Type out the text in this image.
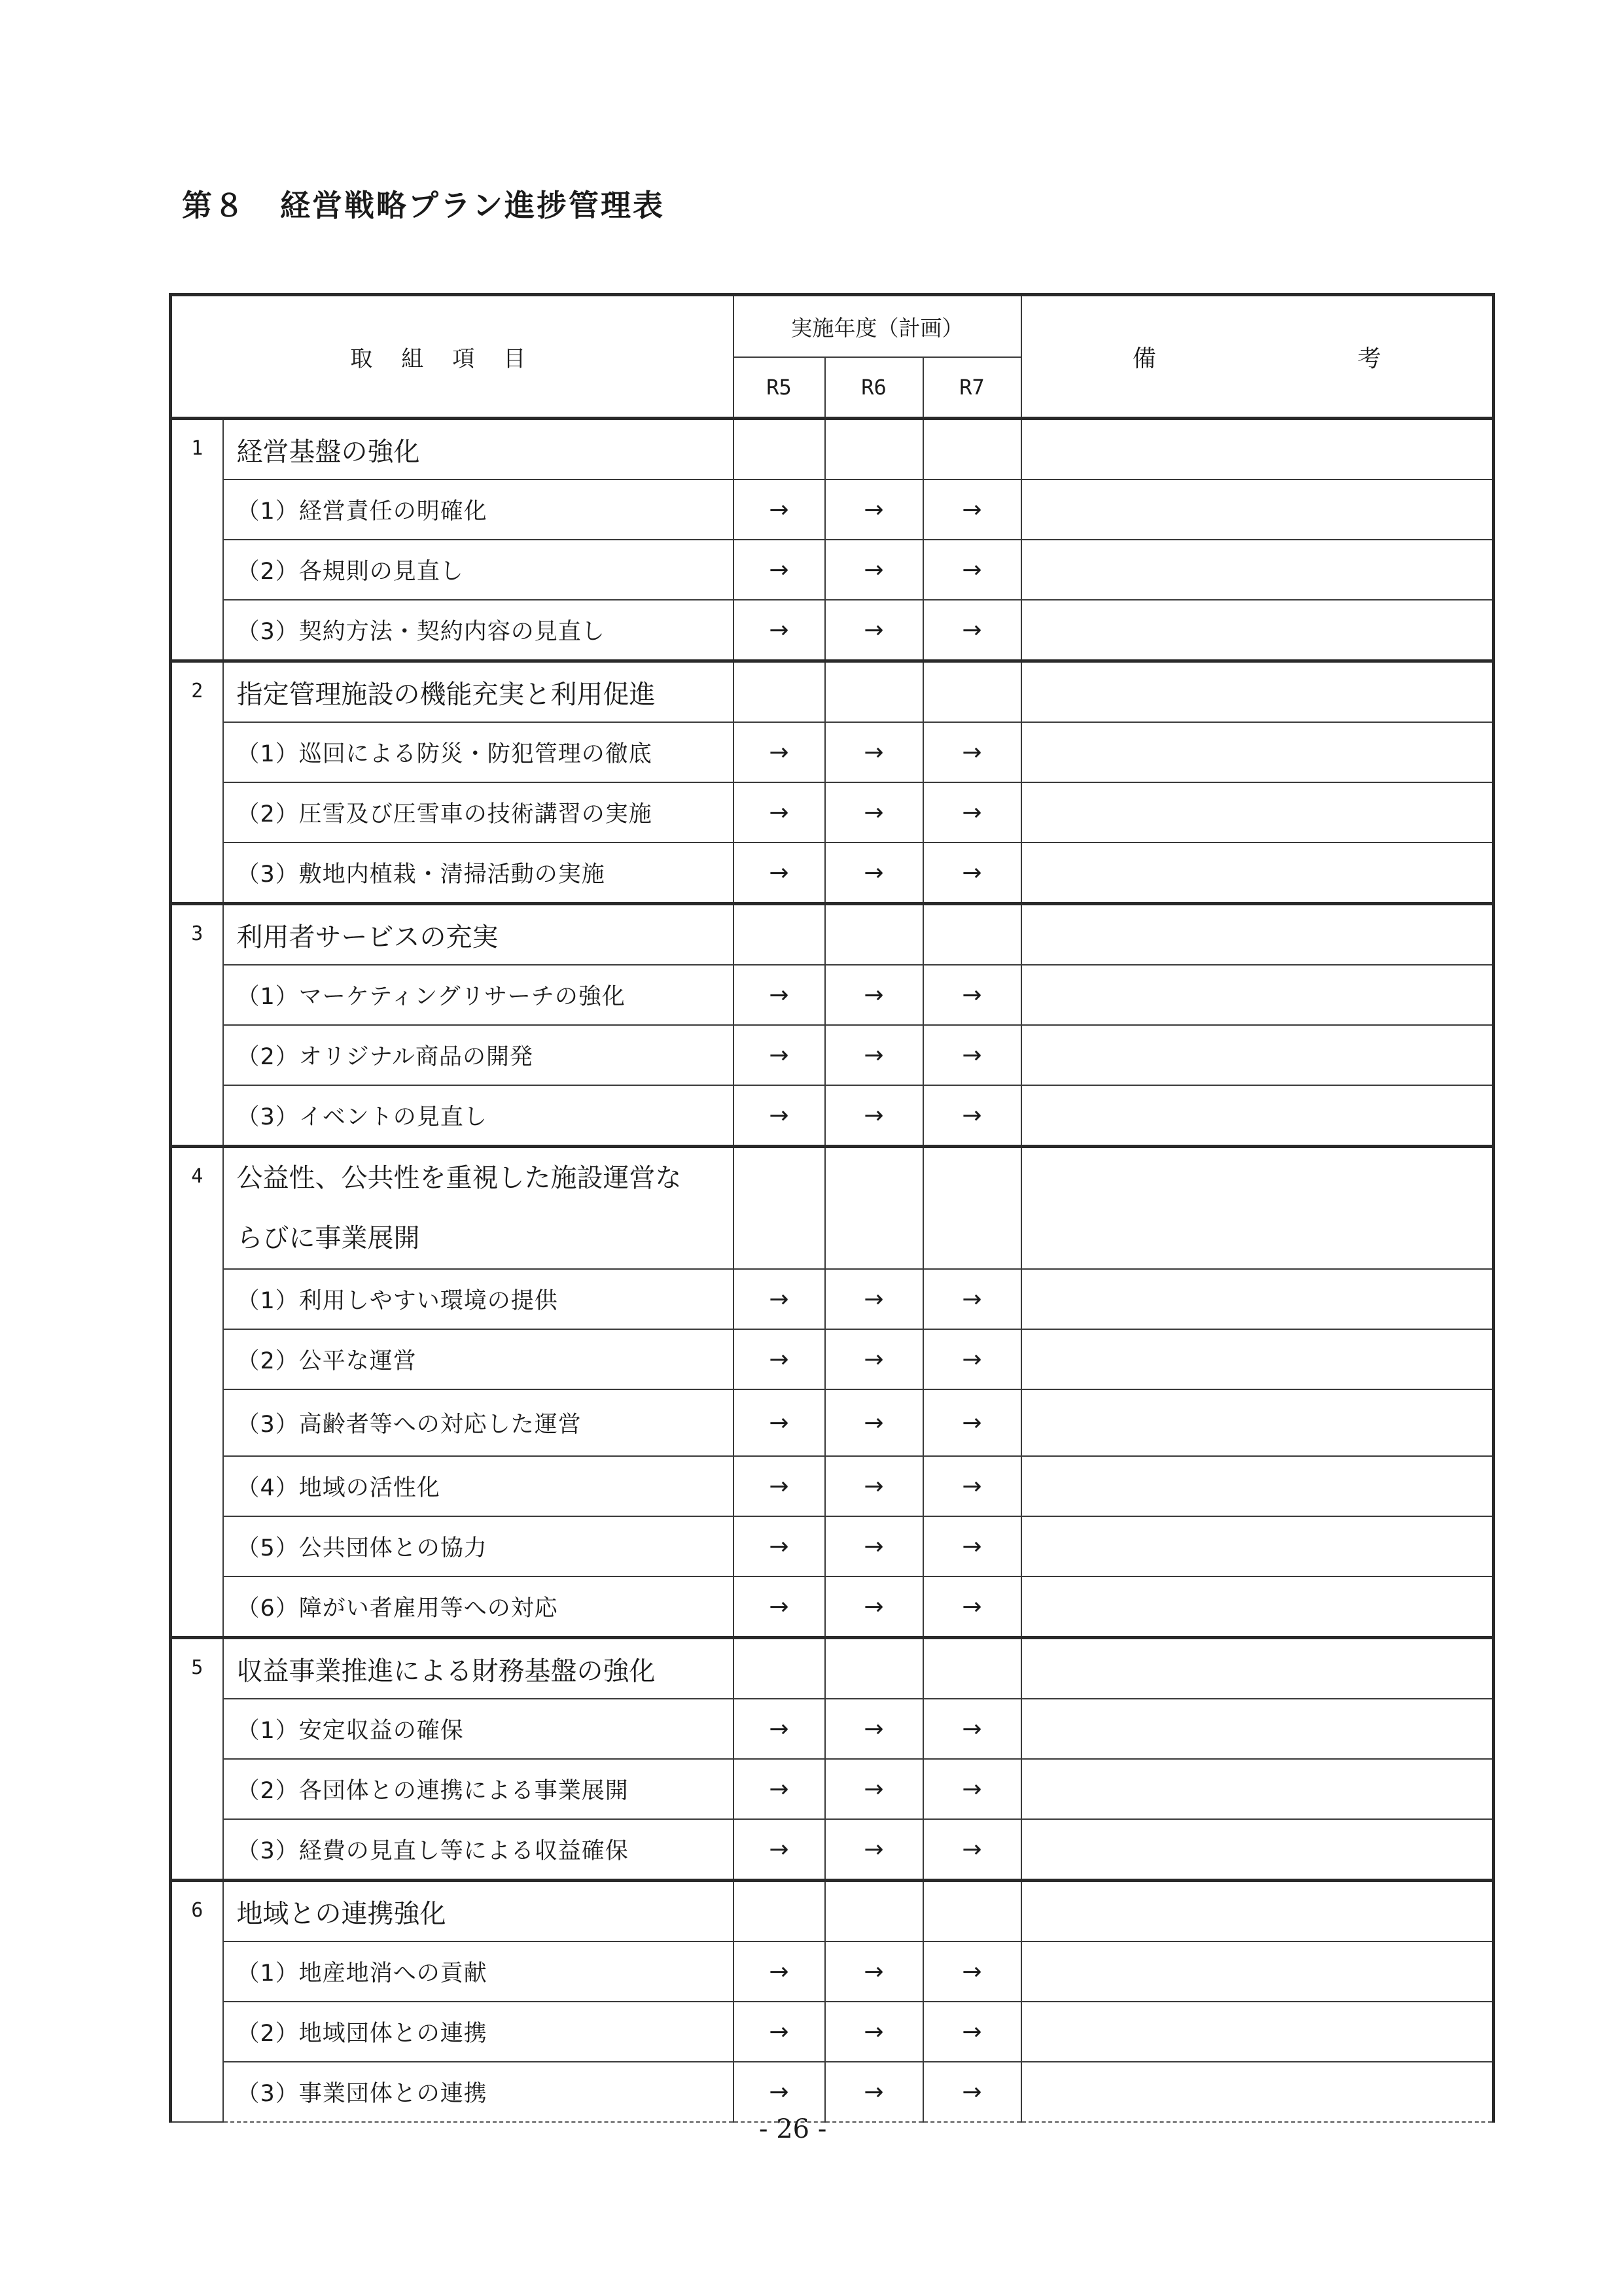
第８ 経営戦略プラン進捗管理表
取組項目		実施年度（計画）			備考
		R5	R6	R7	
1	経営基盤の強化				
	（1）経営責任の明確化	→	→	→	
	（2）各規則の見直し	→	→	→	
	（3）契約方法・契約内容の見直し	→	→	→	
2	指定管理施設の機能充実と利用促進				
	（1）巡回による防災・防犯管理の徹底	→	→	→	
	（2）圧雪及び圧雪車の技術講習の実施	→	→	→	
	（3）敷地内植栽・清掃活動の実施	→	→	→	
3	利用者サービスの充実				
	（1）マーケティングリサーチの強化	→	→	→	
	（2）オリジナル商品の開発	→	→	→	
	（3）イベントの見直し	→	→	→	
4	公益性、公共性を重視した施設運営な
らびに事業展開				

	（1）利用しやすい環境の提供	→	→	→	
	（2）公平な運営	→	→	→	
	（3）高齢者等への対応した運営	→	→	→	
	（4）地域の活性化	→	→	→	
	（5）公共団体との協力	→	→	→	
	（6）障がい者雇用等への対応	→	→	→	
5	収益事業推進による財務基盤の強化				
	（1）安定収益の確保	→	→	→	
	（2）各団体との連携による事業展開	→	→	→	
	（3）経費の見直し等による収益確保	→	→	→	
6	地域との連携強化				
	（1）地産地消への貢献	→	→	→	
	（2）地域団体との連携	→	→	→	
	（3）事業団体との連携	→	→	→	
- 26 -
